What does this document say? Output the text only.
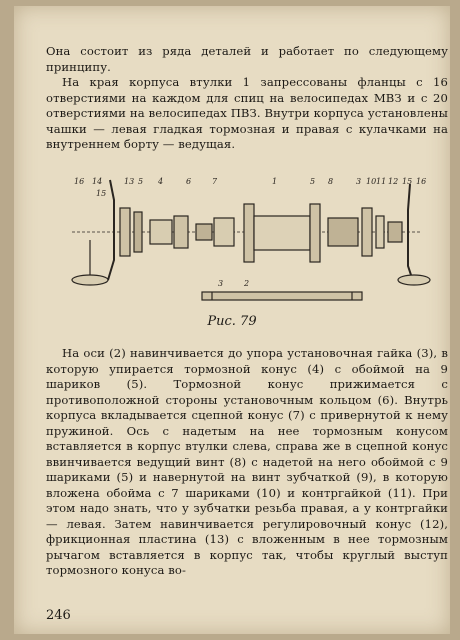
Она состоит из ряда деталей и работает по следующему принципу.

На края корпуса втулки 1 запрессованы фланцы с 16 отверстиями на каждом для спиц на велосипедах МВЗ и с 20 отверстиями на велосипедах ПВЗ. Внутри корпуса установлены чашки — левая гладкая тормозная и правая с кулачками на внутреннем борту — ведущая.

16 14
15
13 5 4	6	7	1	5 8	3 10 11 12 15 16
3	2
Рис. 79

На оси (2) навинчивается до упора установочная гайка (3), в которую упирается тормозной конус (4) с обоймой на 9 шариков (5). Тормозной конус прижимается с противоположной стороны установочным кольцом (6). Внутрь корпуса вкладывается сцепной конус (7) с привернутой к нему пружиной. Ось с надетым на нее тормозным конусом вставляется в корпус втулки слева, справа же в сцепной конус ввинчивается ведущий винт (8) с надетой на него обоймой с 9 шариками (5) и навернутой на винт зубчаткой (9), в которую вложена обойма с 7 шариками (10) и контргайкой (11). При этом надо знать, что у зубчатки резьба правая, а у контргайки — левая. Затем навинчивается регулировочный конус (12), фрикционная пластина (13) с вложенным в нее тормозным рычагом вставляется в корпус так, чтобы круглый выступ тормозного конуса во-

246
